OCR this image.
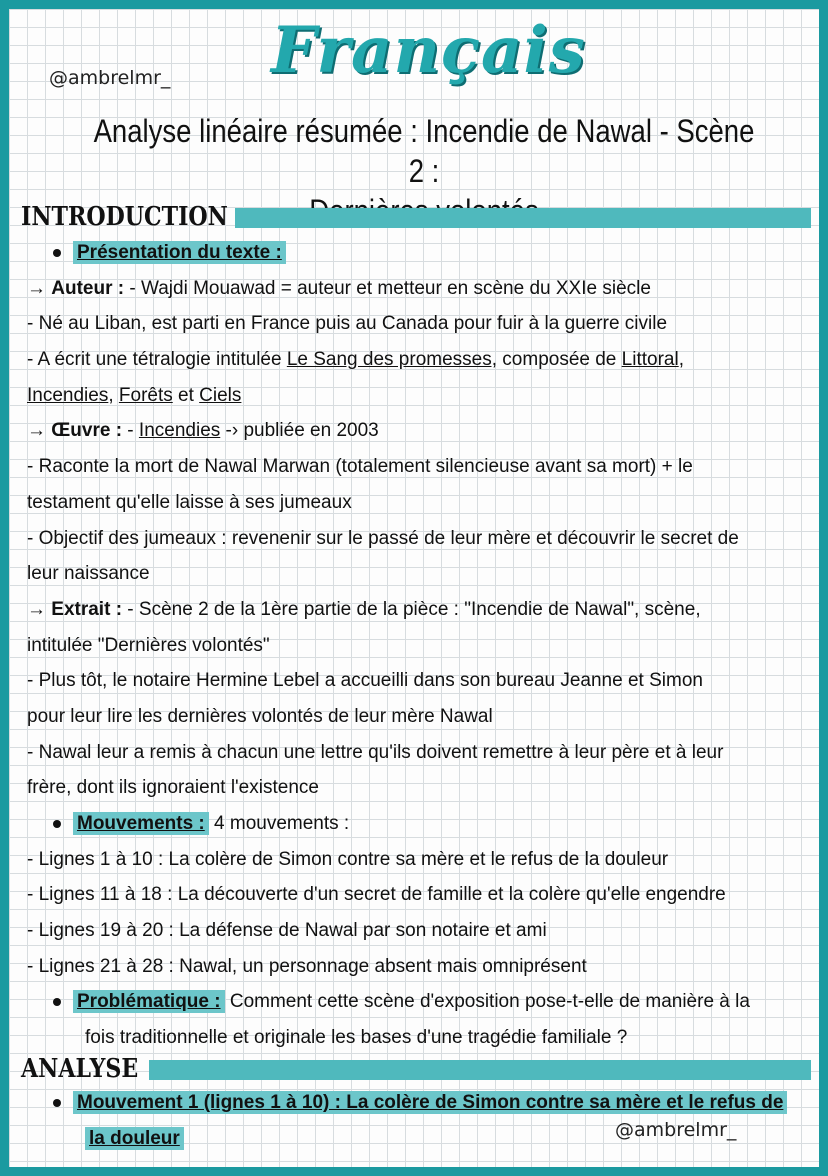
@ambrelmr_ Français
Analyse linéaire résumée : Incendie de Nawal - Scène 2 :
INTRODUCTION
Présentation du texte :
→ Auteur : - Wajdi Mouawad = auteur et metteur en scène du XXIe siècle
- Né au Liban, est parti en France puis au Canada pour fuir à la guerre civile
- A écrit une tétralogie intitulée Le Sang des promesses, composée de Littoral,
Incendies, Forêts et Ciels
→ Œuvre : - Incendies -› publiée en 2003
- Raconte la mort de Nawal Marwan (totalement silencieuse avant sa mort) + le
testament qu'elle laisse à ses jumeaux
- Objectif des jumeaux : revenenir sur le passé de leur mère et découvrir le secret de
leur naissance
→ Extrait : - Scène 2 de la 1ère partie de la pièce : "Incendie de Nawal", scène,
intitulée "Dernières volontés"
- Plus tôt, le notaire Hermine Lebel a accueilli dans son bureau Jeanne et Simon
pour leur lire les dernières volontés de leur mère Nawal
- Nawal leur a remis à chacun une lettre qu'ils doivent remettre à leur père et à leur
frère, dont ils ignoraient l'existence
Mouvements : 4 mouvements :
- Lignes 1 à 10 : La colère de Simon contre sa mère et le refus de la douleur
- Lignes 11 à 18 : La découverte d'un secret de famille et la colère qu'elle engendre
- Lignes 19 à 20 : La défense de Nawal par son notaire et ami
- Lignes 21 à 28 : Nawal, un personnage absent mais omniprésent
Problématique : Comment cette scène d'exposition pose-t-elle de manière à la
fois traditionnelle et originale les bases d'une tragédie familiale ?
ANALYSE
Mouvement 1 (lignes 1 à 10) : La colère de Simon contre sa mère et le refus de
la douleur	@ambrelmr_
